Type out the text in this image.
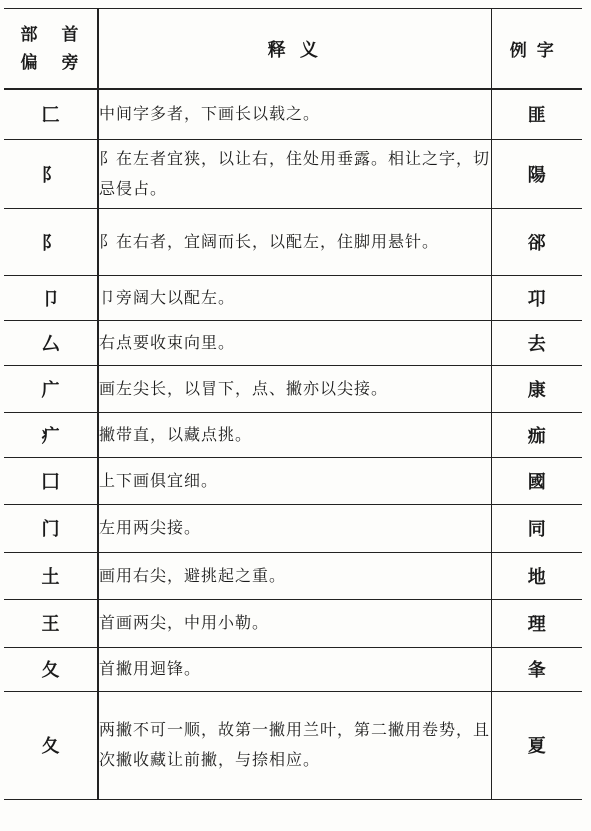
部 首
偏 旁	释 义	例字
匚	中间字多者，下画长以载之。	匪
阝	阝在左者宜狭，以让右，住处用垂露。相让之字，切忌侵占。	陽
阝	阝在右者，宜阔而长，以配左，住脚用悬针。	郤
卩	卩旁阔大以配左。	卭
厶	右点要收束向里。	去
广	画左尖长，以冒下，点、撇亦以尖接。	康
疒	撇带直，以藏点挑。	痂
囗	上下画俱宜细。	國
门	左用两尖接。	同
土	画用右尖，避挑起之重。	地
王	首画两尖，中用小勒。	理
夂	首撇用迴锋。	夆
夂	两撇不可一顺，故第一撇用兰叶，第二撇用卷势，且次撇收藏让前撇，与捺相应。	夏
